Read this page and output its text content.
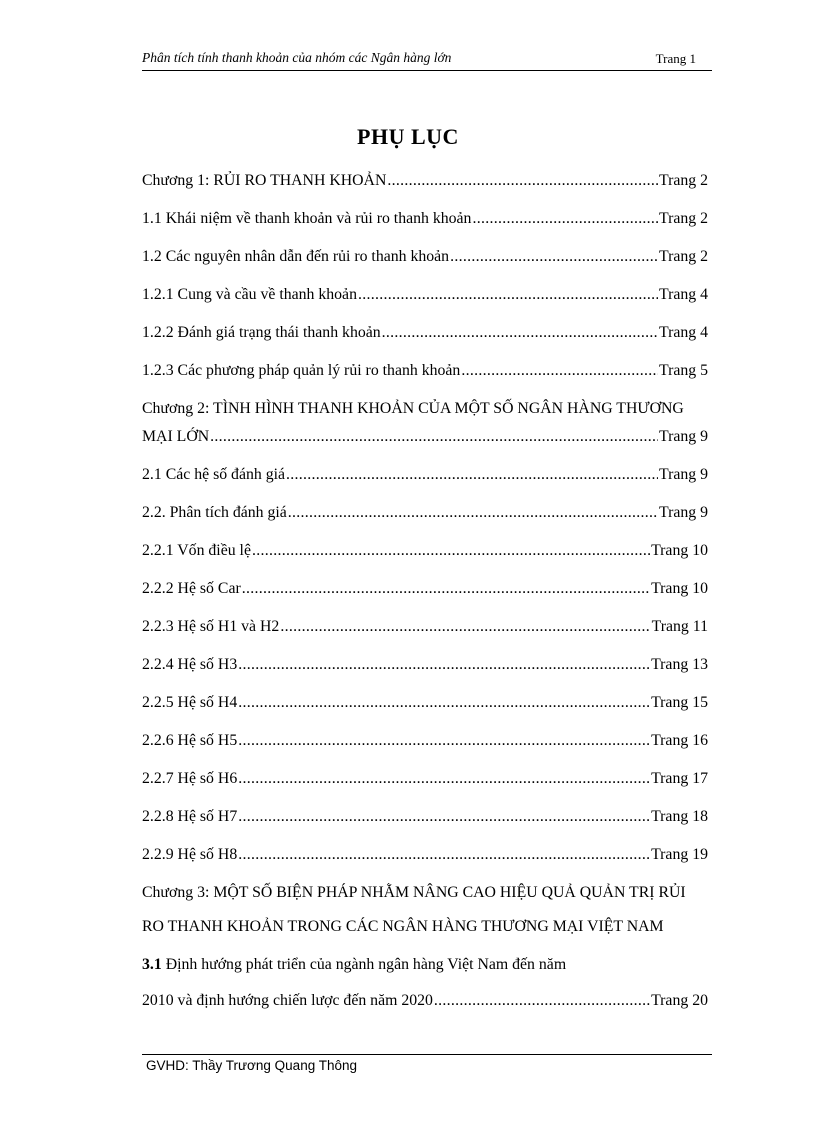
Phân tích tính thanh khoản của nhóm các Ngân hàng lớn	Trang 1
PHỤ LỤC
Chương 1: RỦI RO THANH KHOẢN .....	Trang 2
1.1 Khái niệm về thanh khoản và rủi ro thanh khoản .....	Trang 2
1.2 Các nguyên nhân dẫn đến rủi ro thanh khoản .....	Trang 2
1.2.1 Cung và cầu về thanh khoản .....	Trang 4
1.2.2 Đánh giá trạng thái thanh khoản .....	Trang 4
1.2.3 Các phương pháp quản lý rủi ro thanh khoản .....	Trang 5
Chương 2: TÌNH HÌNH THANH KHOẢN CỦA MỘT SỐ NGÂN HÀNG THƯƠNG
MẠI LỚN .....	Trang 9
2.1 Các hệ số đánh giá .....	Trang 9
2.2. Phân tích đánh giá .....	Trang 9
2.2.1 Vốn điều lệ .....	Trang 10
2.2.2 Hệ số Car .....	Trang 10
2.2.3 Hệ số H1 và H2 .....	Trang 11
2.2.4 Hệ số H3 .....	Trang 13
2.2.5 Hệ số H4 .....	Trang 15
2.2.6 Hệ số H5 .....	Trang 16
2.2.7 Hệ số H6 .....	Trang 17
2.2.8 Hệ số H7 .....	Trang 18
2.2.9 Hệ số H8 .....	Trang 19
Chương 3: MỘT SỐ BIỆN PHÁP NHẰM NÂNG CAO HIỆU QUẢ QUẢN TRỊ RỦI
RO THANH KHOẢN TRONG CÁC NGÂN HÀNG THƯƠNG MẠI VIỆT NAM
3.1 Định hướng phát triển của ngành ngân hàng Việt Nam đến năm
2010 và định hướng chiến lược đến năm 2020 .....	Trang 20
GVHD: Thầy Trương Quang Thông
